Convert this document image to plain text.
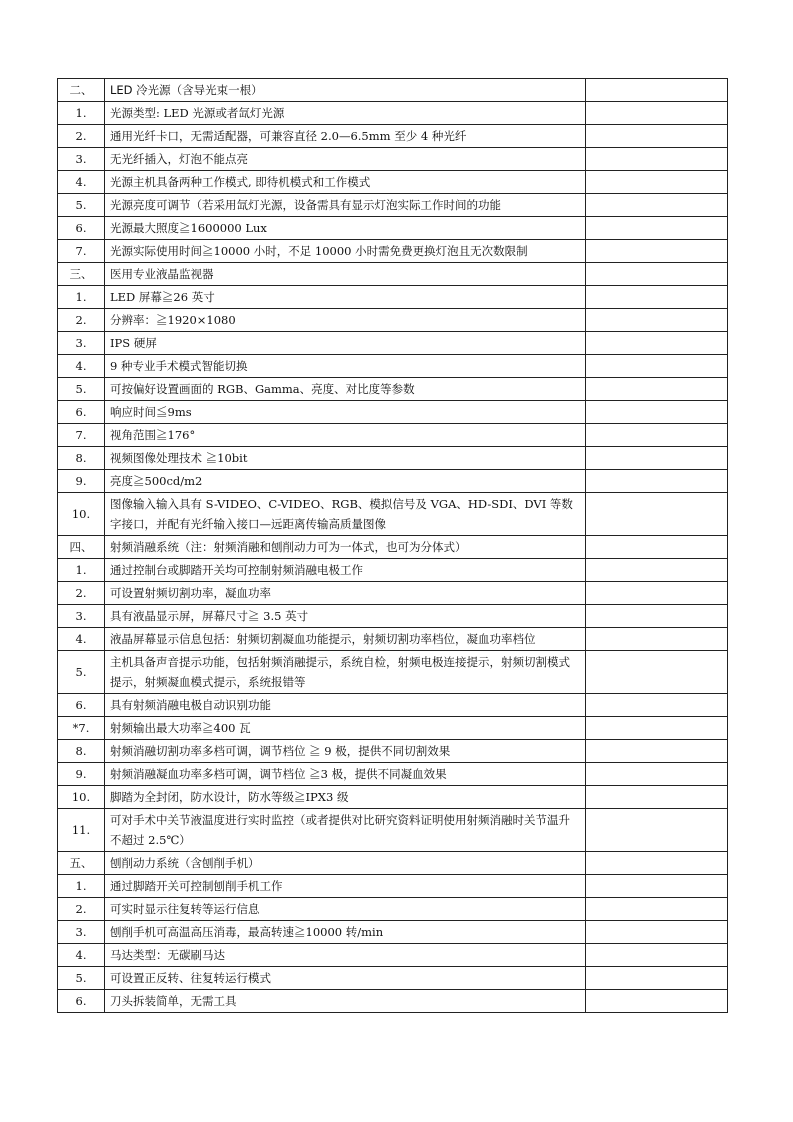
二、	LED 冷光源（含导光束一根）	
1.	光源类型: LED 光源或者氙灯光源	
2.	通用光纤卡口，无需适配器，可兼容直径 2.0—6.5mm 至少 4 种光纤	
3.	无光纤插入，灯泡不能点亮	
4.	光源主机具备两种工作模式, 即待机模式和工作模式	
5.	光源亮度可调节（若采用氙灯光源，设备需具有显示灯泡实际工作时间的功能	
6.	光源最大照度≧1600000 Lux	
7.	光源实际使用时间≧10000 小时，不足 10000 小时需免费更换灯泡且无次数限制	
三、	医用专业液晶监视器	
1.	LED 屏幕≧26 英寸	
2.	分辨率：≧1920×1080	
3.	IPS 硬屏	
4.	9 种专业手术模式智能切换	
5.	可按偏好设置画面的 RGB、Gamma、亮度、对比度等参数	
6.	响应时间≦9ms	
7.	视角范围≧176°	
8.	视频图像处理技术 ≧10bit	
9.	亮度≧500cd/m2	
10.	图像输入输入具有 S-VIDEO、C-VIDEO、RGB、模拟信号及 VGA、HD-SDI、DVI 等数字接口，并配有光纤输入接口—远距离传输高质量图像	
四、	射频消融系统（注：射频消融和刨削动力可为一体式，也可为分体式）	
1.	通过控制台或脚踏开关均可控制射频消融电极工作	
2.	可设置射频切割功率，凝血功率	
3.	具有液晶显示屏，屏幕尺寸≧ 3.5 英寸	
4.	液晶屏幕显示信息包括：射频切割凝血功能提示，射频切割功率档位，凝血功率档位	
5.	主机具备声音提示功能，包括射频消融提示，系统自检，射频电极连接提示，射频切割模式提示，射频凝血模式提示，系统报错等	
6.	具有射频消融电极自动识别功能	
*7.	射频输出最大功率≧400 瓦	
8.	射频消融切割功率多档可调，调节档位 ≧ 9 极，提供不同切割效果	
9.	射频消融凝血功率多档可调，调节档位 ≧3 极，提供不同凝血效果	
10.	脚踏为全封闭，防水设计，防水等级≧IPX3 级	
11.	可对手术中关节液温度进行实时监控（或者提供对比研究资料证明使用射频消融时关节温升不超过 2.5℃）	
五、	刨削动力系统（含刨削手机）	
1.	通过脚踏开关可控制刨削手机工作	
2.	可实时显示往复转等运行信息	
3.	刨削手机可高温高压消毒，最高转速≧10000 转/min	
4.	马达类型：无碳刷马达	
5.	可设置正反转、往复转运行模式	
6.	刀头拆装简单，无需工具	
